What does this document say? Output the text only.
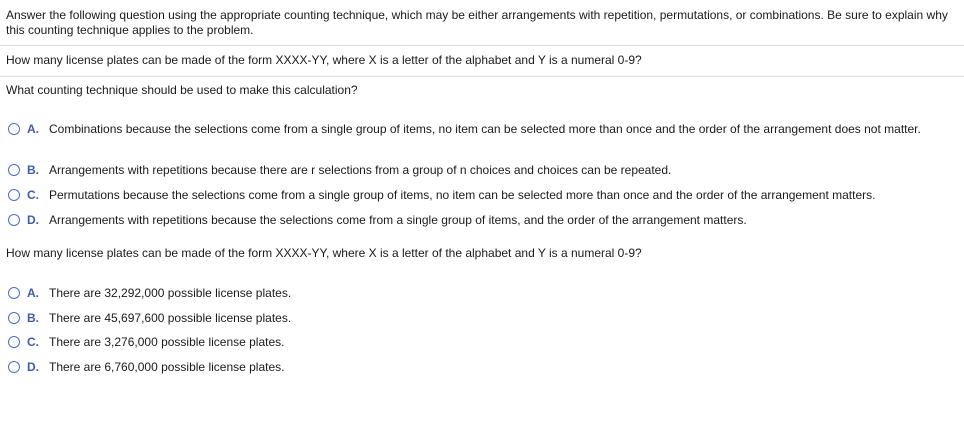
Answer the following question using the appropriate counting technique, which may be either arrangements with repetition, permutations, or combinations. Be sure to explain why this counting technique applies to the problem.
How many license plates can be made of the form XXXX-YY, where X is a letter of the alphabet and Y is a numeral 0-9?
What counting technique should be used to make this calculation?
A. Combinations because the selections come from a single group of items, no item can be selected more than once and the order of the arrangement does not matter.
B. Arrangements with repetitions because there are r selections from a group of n choices and choices can be repeated.
C. Permutations because the selections come from a single group of items, no item can be selected more than once and the order of the arrangement matters.
D. Arrangements with repetitions because the selections come from a single group of items, and the order of the arrangement matters.
How many license plates can be made of the form XXXX-YY, where X is a letter of the alphabet and Y is a numeral 0-9?
A. There are 32,292,000 possible license plates.
B. There are 45,697,600 possible license plates.
C. There are 3,276,000 possible license plates.
D. There are 6,760,000 possible license plates.
